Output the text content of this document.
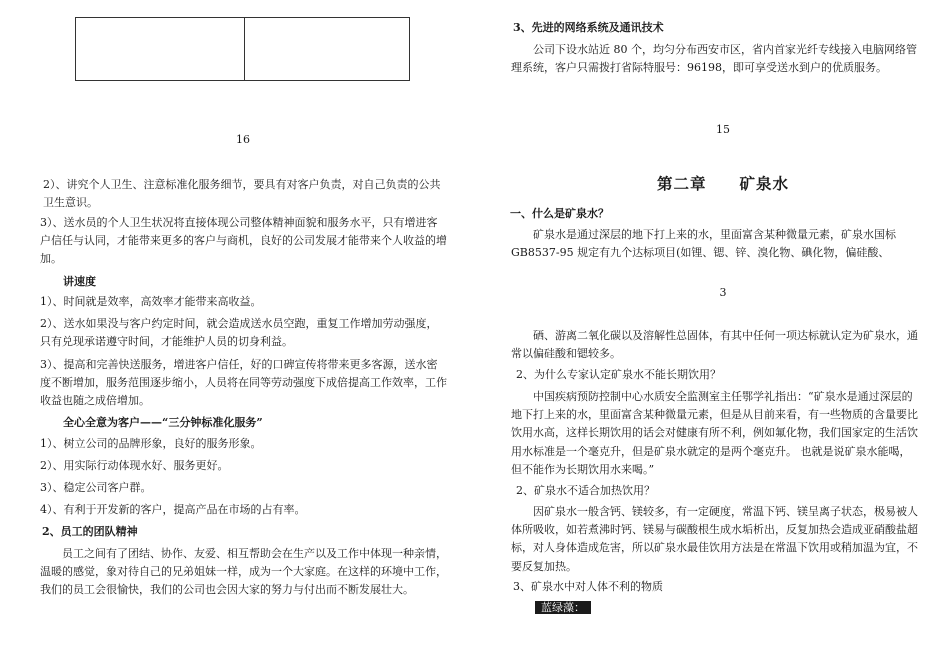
16

2）、讲究个人卫生、注意标准化服务细节，要具有对客户负责，对自己负责的公共卫生意识。

3）、送水员的个人卫生状况将直接体现公司整体精神面貌和服务水平，只有增进客户信任与认同，才能带来更多的客户与商机，良好的公司发展才能带来个人收益的增加。

讲速度

1）、时间就是效率，高效率才能带来高收益。

2）、送水如果没与客户约定时间，就会造成送水员空跑，重复工作增加劳动强度，只有兑现承诺遵守时间，才能维护人员的切身利益。

3）、提高和完善快送服务，增进客户信任，好的口碑宣传将带来更多客源，送水密度不断增加，服务范围逐步缩小，人员将在同等劳动强度下成倍提高工作效率，工作收益也随之成倍增加。

全心全意为客户——“三分钟标准化服务”

1）、树立公司的品牌形象，良好的服务形象。

2）、用实际行动体现水好、服务更好。

3）、稳定公司客户群。

4）、有利于开发新的客户，提高产品在市场的占有率。

2、员工的团队精神

员工之间有了团结、协作、友爱、相互帮助会在生产以及工作中体现一种亲情，温暖的感觉，象对待自己的兄弟姐妹一样，成为一个大家庭。在这样的环境中工作，我们的员工会很愉快，我们的公司也会因大家的努力与付出而不断发展壮大。

3、先进的网络系统及通讯技术

公司下设水站近 80 个，均匀分布西安市区，省内首家光纤专线接入电脑网络管理系统，客户只需拨打省际特服号：96198，即可享受送水到户的优质服务。

15
第二章　　矿泉水

一、什么是矿泉水？

矿泉水是通过深层的地下打上来的水，里面富含某种微量元素，矿泉水国标 GB8537-95 规定有九个达标项目(如锂、锶、锌、溴化物、碘化物，偏硅酸、

3

硒、游离二氧化碳以及溶解性总固体，有其中任何一项达标就认定为矿泉水，通常以偏硅酸和锶较多。

2、为什么专家认定矿泉水不能长期饮用？

中国疾病预防控制中心水质安全监测室主任鄂学礼指出：“矿泉水是通过深层的地下打上来的水，里面富含某种微量元素，但是从目前来看，有一些物质的含量要比饮用水高，这样长期饮用的话会对健康有所不利，例如氟化物，我们国家定的生活饮用水标准是一个毫克升，但是矿泉水就定的是两个毫克升。 也就是说矿泉水能喝，但不能作为长期饮用水来喝。”

2、矿泉水不适合加热饮用？

因矿泉水一般含钙、镁较多，有一定硬度，常温下钙、镁呈离子状态，极易被人体所吸收，如若煮沸时钙、镁易与碳酸根生成水垢析出，反复加热会造成亚硝酸盐超标，对人身体造成危害，所以矿泉水最佳饮用方法是在常温下饮用或稍加温为宜，不要反复加热。

3、矿泉水中对人体不利的物质

蓝绿藻：
